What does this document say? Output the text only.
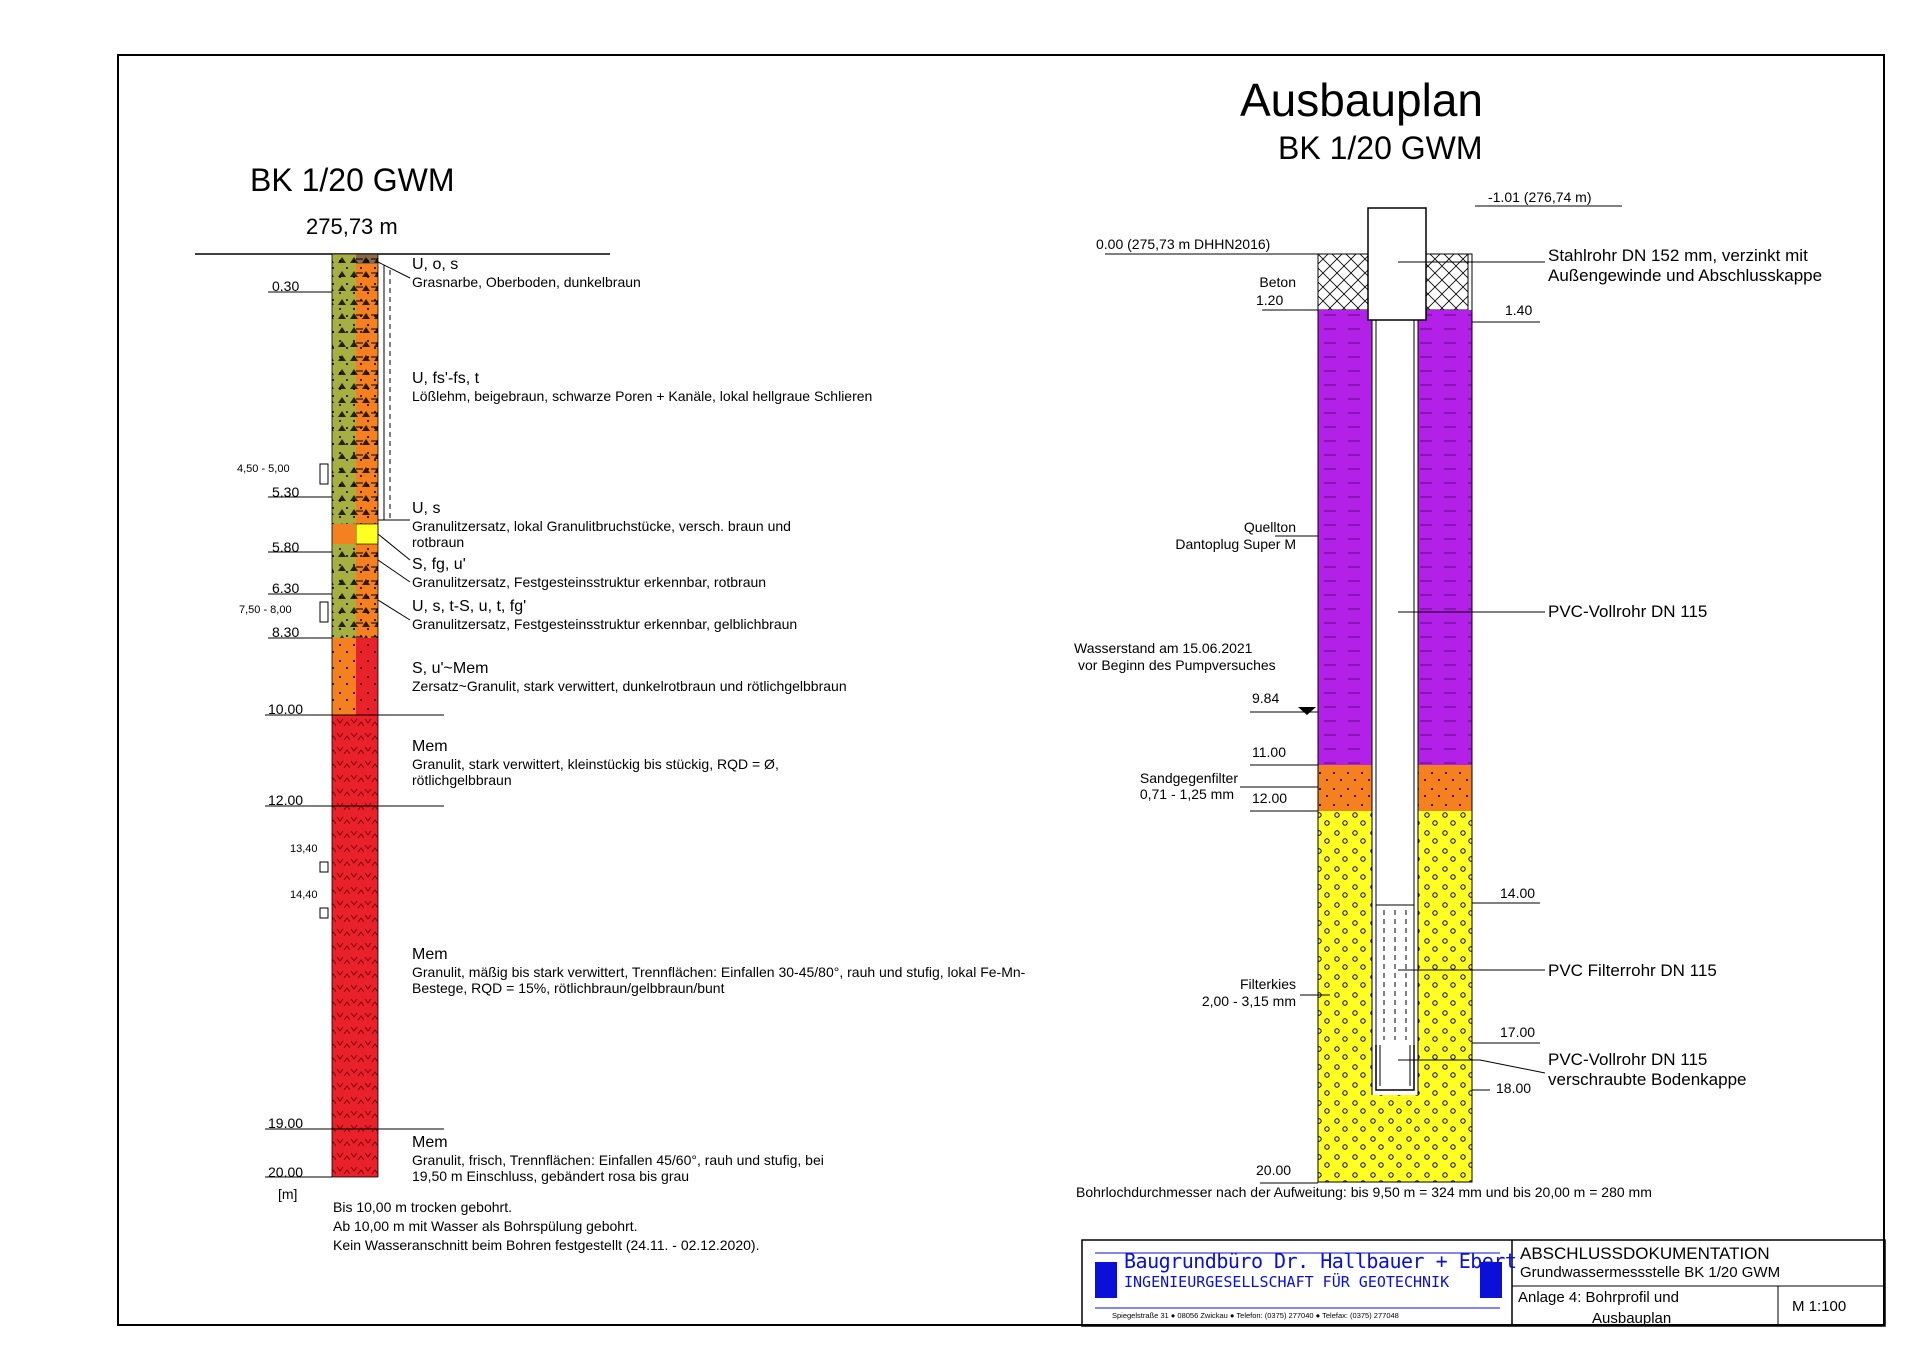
BK 1/20 GWM
275,73 m
0.30
5.30
5.80
6.30
8.30
10.00
12.00
19.00
20.00
4,50 - 5,00
7,50 - 8,00
13,40
14,40
[m]
U, o, s
Grasnarbe, Oberboden, dunkelbraun
U, fs'-fs, t
Lößlehm, beigebraun, schwarze Poren + Kanäle, lokal hellgraue Schlieren
U, s
Granulitzersatz, lokal Granulitbruchstücke, versch. braun und rotbraun
S, fg, u'
Granulitzersatz, Festgesteinsstruktur erkennbar, rotbraun
U, s, t-S, u, t, fg'
Granulitzersatz, Festgesteinsstruktur erkennbar, gelblichbraun
S, u'~Mem
Zersatz~Granulit, stark verwittert, dunkelrotbraun und rötlichgelbbraun
Mem
Granulit, stark verwittert, kleinstückig bis stückig, RQD = Ø, rötlichgelbbraun
Mem
Granulit, mäßig bis stark verwittert, Trennflächen: Einfallen 30-45/80°, rauh und stufig, lokal Fe-Mn-Bestege, RQD = 15%, rötlichbraun/gelbbraun/bunt
Mem
Granulit, frisch, Trennflächen: Einfallen 45/60°, rauh und stufig, bei 19,50 m Einschluss, gebändert rosa bis grau
Bis 10,00 m trocken gebohrt.
Ab 10,00 m mit Wasser als Bohrspülung gebohrt.
Kein Wasseranschnitt beim Bohren festgestellt (24.11. - 02.12.2020).
Ausbauplan
BK 1/20 GWM
-1.01 (276,74 m)
0.00 (275,73 m DHHN2016)
Beton
1.20
Quellton
Dantoplug Super M
Wasserstand am 15.06.2021
vor Beginn des Pumpversuches
9.84
11.00
Sandgegenfilter
0,71 - 1,25 mm 12.00
Filterkies
2,00 - 3,15 mm
20.00
1.40
14.00
17.00
18.00
Stahlrohr DN 152 mm, verzinkt mit
Außengewinde und Abschlusskappe
PVC-Vollrohr DN 115
PVC Filterrohr DN 115
PVC-Vollrohr DN 115
verschraubte Bodenkappe
Bohrlochdurchmesser nach der Aufweitung: bis 9,50 m = 324 mm und bis 20,00 m = 280 mm
Baugrundbüro Dr. Hallbauer + Ebert
INGENIEURGESELLSCHAFT FÜR GEOTECHNIK
Spiegelstraße 31 ● 08056 Zwickau ● Telefon: (0375) 277040 ● Telefax: (0375) 277048
ABSCHLUSSDOKUMENTATION
Grundwassermessstelle BK 1/20 GWM
Anlage 4: Bohrprofil und
Ausbauplan
M 1:100
